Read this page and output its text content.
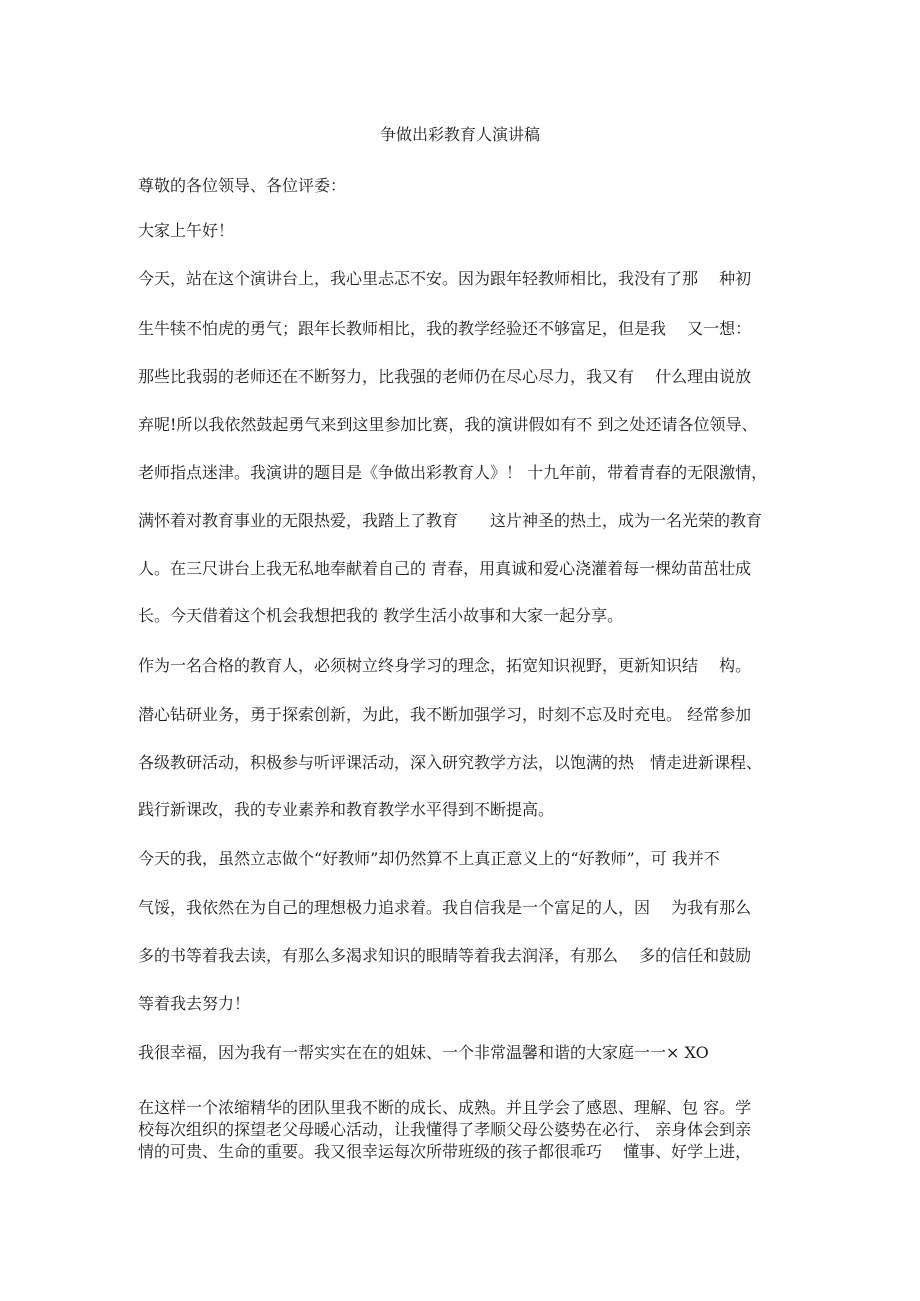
争做出彩教育人演讲稿
尊敬的各位领导、各位评委：
大家上午好！
今天，站在这个演讲台上，我心里忐忑不安。因为跟年轻教师相比，我没有了那　 种初
生牛犊不怕虎的勇气；跟年长教师相比，我的教学经验还不够富足，但是我　 又一想：
那些比我弱的老师还在不断努力，比我强的老师仍在尽心尽力，我又有　 什么理由说放
弃呢!所以我依然鼓起勇气来到这里参加比赛，我的演讲假如有不 到之处还请各位领导、
老师指点迷津。我演讲的题目是《争做出彩教育人》！ 十九年前，带着青春的无限激情，
满怀着对教育事业的无限热爱，我踏上了教育　　这片神圣的热土，成为一名光荣的教育
人。在三尺讲台上我无私地奉献着自己的 青春，用真诚和爱心浇灌着每一棵幼苗茁壮成
长。今天借着这个机会我想把我的 教学生活小故事和大家一起分享。
作为一名合格的教育人，必须树立终身学习的理念，拓宽知识视野，更新知识结　 构。
潜心钻研业务，勇于探索创新，为此，我不断加强学习，时刻不忘及时充电。 经常参加
各级教研活动，积极参与听评课活动，深入研究教学方法，以饱满的热　情走进新课程、
践行新课改，我的专业素养和教育教学水平得到不断提高。
今天的我，虽然立志做个“好教师”却仍然算不上真正意义上的“好教师”，可 我并不
气馁，我依然在为自己的理想极力追求着。我自信我是一个富足的人，因　 为我有那么
多的书等着我去读，有那么多渴求知识的眼睛等着我去润泽，有那么　 多的信任和鼓励
等着我去努力！
我很幸福，因为我有一帮实实在在的姐妹、一个非常温馨和谐的大家庭一一× XO
在这样一个浓缩精华的团队里我不断的成长、成熟。并且学会了感恩、理解、包 容。学
校每次组织的探望老父母暖心活动，让我懂得了孝顺父母公婆势在必行、 亲身体会到亲
情的可贵、生命的重要。我又很幸运每次所带班级的孩子都很乖巧　 懂事、好学上进，
